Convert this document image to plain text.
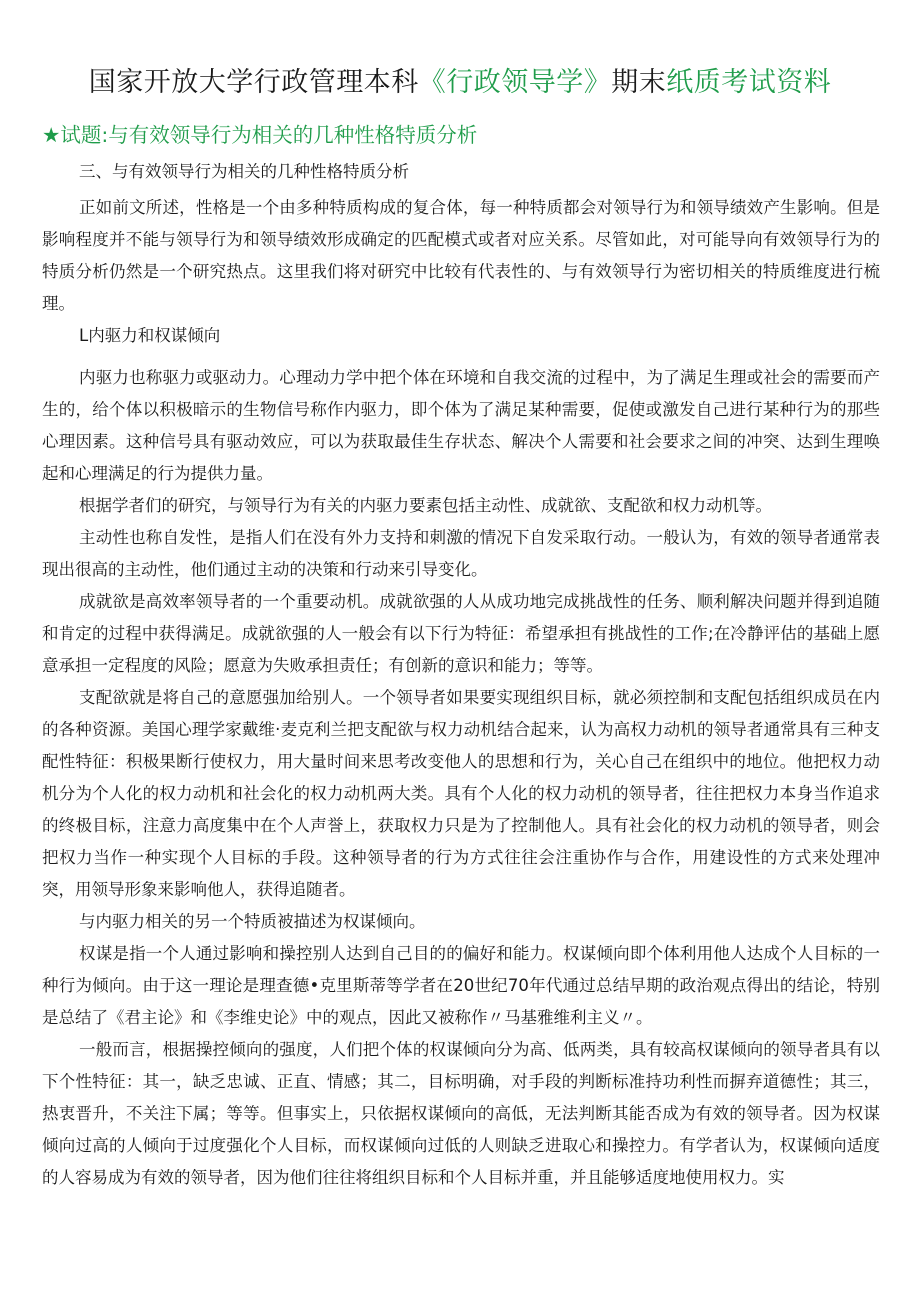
国家开放大学行政管理本科《行政领导学》期末纸质考试资料
★试题:与有效领导行为相关的几种性格特质分析

三、与有效领导行为相关的几种性格特质分析

正如前文所述，性格是一个由多种特质构成的复合体，每一种特质都会对领导行为和领导绩效产生影响。但是影响程度并不能与领导行为和领导绩效形成确定的匹配模式或者对应关系。尽管如此，对可能导向有效领导行为的特质分析仍然是一个研究热点。这里我们将对研究中比较有代表性的、与有效领导行为密切相关的特质维度进行梳理。

L内驱力和权谋倾向

内驱力也称驱力或驱动力。心理动力学中把个体在环境和自我交流的过程中，为了满足生理或社会的需要而产生的，给个体以积极暗示的生物信号称作内驱力，即个体为了满足某种需要，促使或激发自己进行某种行为的那些心理因素。这种信号具有驱动效应，可以为获取最佳生存状态、解决个人需要和社会要求之间的冲突、达到生理唤起和心理满足的行为提供力量。

根据学者们的研究，与领导行为有关的内驱力要素包括主动性、成就欲、支配欲和权力动机等。

主动性也称自发性，是指人们在没有外力支持和刺激的情况下自发采取行动。一般认为，有效的领导者通常表现出很高的主动性，他们通过主动的决策和行动来引导变化。

成就欲是高效率领导者的一个重要动机。成就欲强的人从成功地完成挑战性的任务、顺利解决问题并得到追随和肯定的过程中获得满足。成就欲强的人一般会有以下行为特征：希望承担有挑战性的工作;在冷静评估的基础上愿意承担一定程度的风险；愿意为失败承担责任；有创新的意识和能力；等等。

支配欲就是将自己的意愿强加给别人。一个领导者如果要实现组织目标，就必须控制和支配包括组织成员在内的各种资源。美国心理学家戴维·麦克利兰把支配欲与权力动机结合起来，认为高权力动机的领导者通常具有三种支配性特征：积极果断行使权力，用大量时间来思考改变他人的思想和行为，关心自己在组织中的地位。他把权力动机分为个人化的权力动机和社会化的权力动机两大类。具有个人化的权力动机的领导者，往往把权力本身当作追求的终极目标，注意力高度集中在个人声誉上，获取权力只是为了控制他人。具有社会化的权力动机的领导者，则会把权力当作一种实现个人目标的手段。这种领导者的行为方式往往会注重协作与合作，用建设性的方式来处理冲突，用领导形象来影响他人，获得追随者。

与内驱力相关的另一个特质被描述为权谋倾向。

权谋是指一个人通过影响和操控别人达到自己目的的偏好和能力。权谋倾向即个体利用他人达成个人目标的一种行为倾向。由于这一理论是理查德•克里斯蒂等学者在20世纪70年代通过总结早期的政治观点得出的结论，特别是总结了《君主论》和《李维史论》中的观点，因此又被称作〃马基雅维利主义〃。

一般而言，根据操控倾向的强度，人们把个体的权谋倾向分为高、低两类，具有较高权谋倾向的领导者具有以下个性特征：其一，缺乏忠诚、正直、情感；其二，目标明确，对手段的判断标准持功利性而摒弃道德性；其三，热衷晋升，不关注下属；等等。但事实上，只依据权谋倾向的高低，无法判断其能否成为有效的领导者。因为权谋倾向过高的人倾向于过度强化个人目标，而权谋倾向过低的人则缺乏进取心和操控力。有学者认为，权谋倾向适度的人容易成为有效的领导者，因为他们往往将组织目标和个人目标并重，并且能够适度地使用权力。实
